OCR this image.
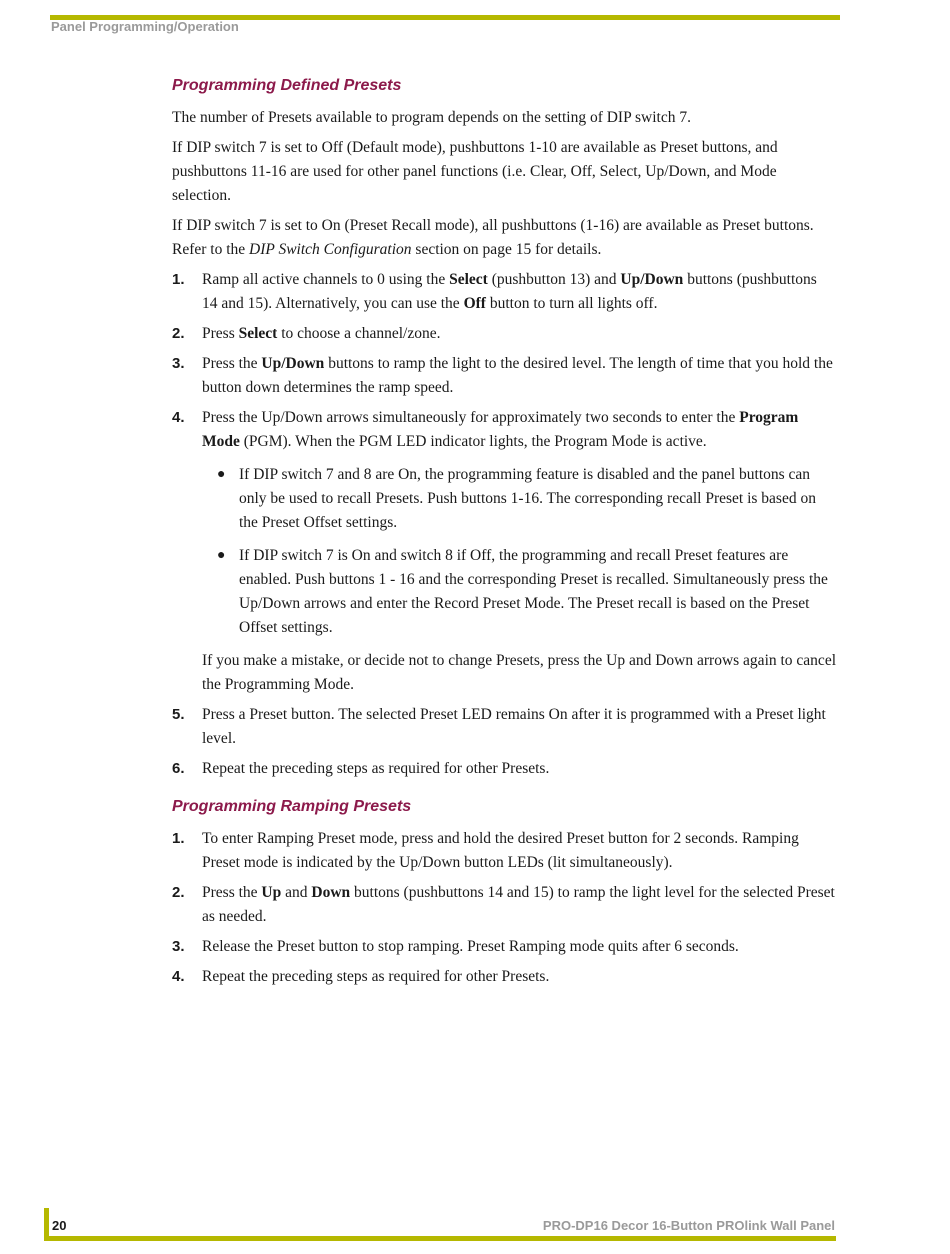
Panel Programming/Operation
Programming Defined Presets

The number of Presets available to program depends on the setting of DIP switch 7.

If DIP switch 7 is set to Off (Default mode), pushbuttons 1-10 are available as Preset buttons, and pushbuttons 11-16 are used for other panel functions (i.e. Clear, Off, Select, Up/Down, and Mode selection.

If DIP switch 7 is set to On (Preset Recall mode), all pushbuttons (1-16) are available as Preset buttons. Refer to the DIP Switch Configuration section on page 15 for details.

1. Ramp all active channels to 0 using the Select (pushbutton 13) and Up/Down buttons (pushbuttons 14 and 15). Alternatively, you can use the Off button to turn all lights off.
2. Press Select to choose a channel/zone.
3. Press the Up/Down buttons to ramp the light to the desired level. The length of time that you hold the button down determines the ramp speed.
4. Press the Up/Down arrows simultaneously for approximately two seconds to enter the Program Mode (PGM). When the PGM LED indicator lights, the Program Mode is active.
● If DIP switch 7 and 8 are On, the programming feature is disabled and the panel buttons can only be used to recall Presets. Push buttons 1-16. The corresponding recall Preset is based on the Preset Offset settings.
● If DIP switch 7 is On and switch 8 if Off, the programming and recall Preset features are enabled. Push buttons 1 - 16 and the corresponding Preset is recalled. Simultaneously press the Up/Down arrows and enter the Record Preset Mode. The Preset recall is based on the Preset Offset settings.
If you make a mistake, or decide not to change Presets, press the Up and Down arrows again to cancel the Programming Mode.
5. Press a Preset button. The selected Preset LED remains On after it is programmed with a Preset light level.
6. Repeat the preceding steps as required for other Presets.
Programming Ramping Presets
1. To enter Ramping Preset mode, press and hold the desired Preset button for 2 seconds. Ramping Preset mode is indicated by the Up/Down button LEDs (lit simultaneously).
2. Press the Up and Down buttons (pushbuttons 14 and 15) to ramp the light level for the selected Preset as needed.
3. Release the Preset button to stop ramping. Preset Ramping mode quits after 6 seconds.
4. Repeat the preceding steps as required for other Presets.
20	PRO-DP16 Decor 16-Button PROlink Wall Panel
